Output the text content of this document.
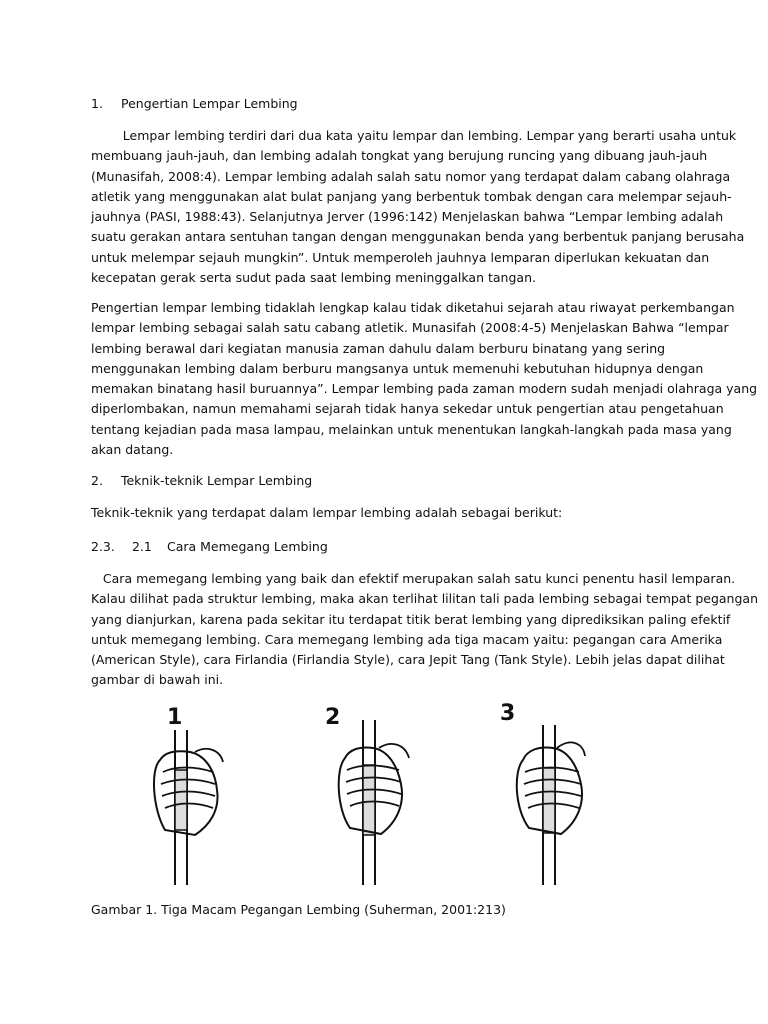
1. Pengertian Lempar Lembing
Lempar lembing terdiri dari dua kata yaitu lempar dan lembing. Lempar yang berarti usaha untuk
membuang jauh-jauh, dan lembing adalah tongkat yang berujung runcing yang dibuang jauh-jauh
(Munasifah, 2008:4). Lempar lembing adalah salah satu nomor yang terdapat dalam cabang olahraga
atletik yang menggunakan alat bulat panjang yang berbentuk tombak dengan cara melempar sejauh-
jauhnya (PASI, 1988:43). Selanjutnya Jerver (1996:142) Menjelaskan bahwa “Lempar lembing adalah
suatu gerakan antara sentuhan tangan dengan menggunakan benda yang berbentuk panjang berusaha
untuk melempar sejauh mungkin”. Untuk memperoleh jauhnya lemparan diperlukan kekuatan dan
kecepatan gerak serta sudut pada saat lembing meninggalkan tangan.
Pengertian lempar lembing tidaklah lengkap kalau tidak diketahui sejarah atau riwayat perkembangan
lempar lembing sebagai salah satu cabang atletik. Munasifah (2008:4-5) Menjelaskan Bahwa “lempar
lembing berawal dari kegiatan manusia zaman dahulu dalam berburu binatang yang sering
menggunakan lembing dalam berburu mangsanya untuk memenuhi kebutuhan hidupnya dengan
memakan binatang hasil buruannya”. Lempar lembing pada zaman modern sudah menjadi olahraga yang
diperlombakan, namun memahami sejarah tidak hanya sekedar untuk pengertian atau pengetahuan
tentang kejadian pada masa lampau, melainkan untuk menentukan langkah-langkah pada masa yang
akan datang.
2. Teknik-teknik Lempar Lembing
Teknik-teknik yang terdapat dalam lempar lembing adalah sebagai berikut:
2.3. 2.1 Cara Memegang Lembing
Cara memegang lembing yang baik dan efektif merupakan salah satu kunci penentu hasil lemparan.
Kalau dilihat pada struktur lembing, maka akan terlihat lilitan tali pada lembing sebagai tempat pegangan
yang dianjurkan, karena pada sekitar itu terdapat titik berat lembing yang diprediksikan paling efektif
untuk memegang lembing. Cara memegang lembing ada tiga macam yaitu: pegangan cara Amerika
(American Style), cara Firlandia (Firlandia Style), cara Jepit Tang (Tank Style). Lebih jelas dapat dilihat
gambar di bawah ini.
1	2	3
Gambar 1. Tiga Macam Pegangan Lembing (Suherman, 2001:213)
